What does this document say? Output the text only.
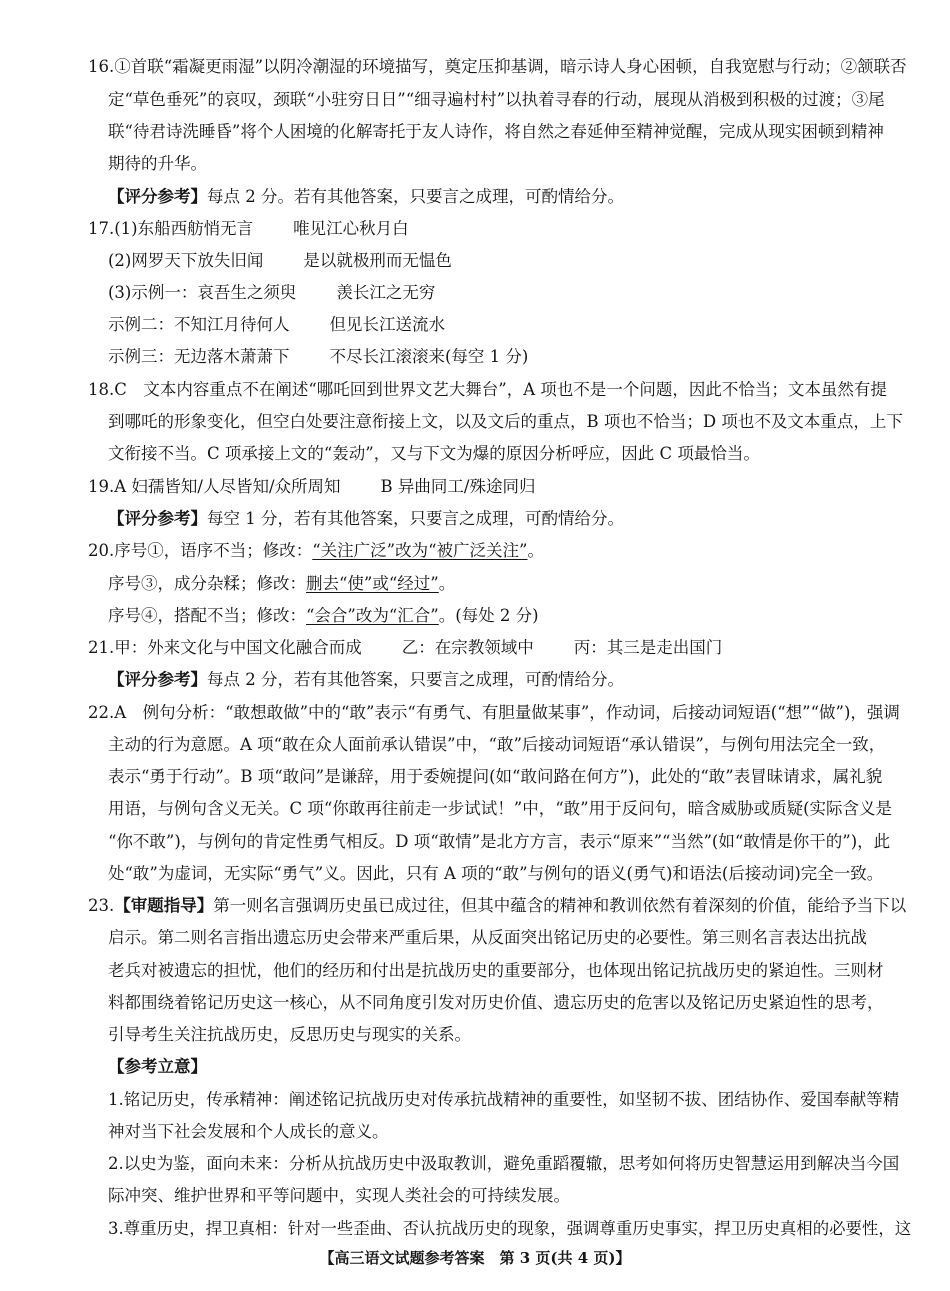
16.①首联“霜凝更雨湿”以阴冷潮湿的环境描写，奠定压抑基调，暗示诗人身心困顿，自我宽慰与行动；②颔联否
定“草色垂死”的哀叹，颈联“小驻穷日日”“细寻遍村村”以执着寻春的行动，展现从消极到积极的过渡；③尾
联“待君诗洗睡昏”将个人困境的化解寄托于友人诗作，将自然之春延伸至精神觉醒，完成从现实困顿到精神
期待的升华。
【评分参考】每点 2 分。若有其他答案，只要言之成理，可酌情给分。
17.(1)东船西舫悄无言 唯见江心秋月白
(2)网罗天下放失旧闻 是以就极刑而无愠色
(3)示例一：哀吾生之须臾 羡长江之无穷
示例二：不知江月待何人 但见长江送流水
示例三：无边落木萧萧下 不尽长江滚滚来(每空 1 分)
18.C　文本内容重点不在阐述“哪吒回到世界文艺大舞台”，A 项也不是一个问题，因此不恰当；文本虽然有提
到哪吒的形象变化，但空白处要注意衔接上文，以及文后的重点，B 项也不恰当；D 项也不及文本重点，上下
文衔接不当。C 项承接上文的“轰动”，又与下文为爆的原因分析呼应，因此 C 项最恰当。
19.A 妇孺皆知/人尽皆知/众所周知 B 异曲同工/殊途同归
【评分参考】每空 1 分，若有其他答案，只要言之成理，可酌情给分。
20.序号①，语序不当；修改：“关注广泛”改为“被广泛关注”。
序号③，成分杂糅；修改：删去“使”或“经过”。
序号④，搭配不当；修改：“会合”改为“汇合”。(每处 2 分)
21.甲：外来文化与中国文化融合而成 乙：在宗教领域中 丙：其三是走出国门
【评分参考】每点 2 分，若有其他答案，只要言之成理，可酌情给分。
22.A　例句分析：“敢想敢做”中的“敢”表示“有勇气、有胆量做某事”，作动词，后接动词短语(“想”“做”)，强调
主动的行为意愿。A 项“敢在众人面前承认错误”中，“敢”后接动词短语“承认错误”，与例句用法完全一致，
表示“勇于行动”。B 项“敢问”是谦辞，用于委婉提问(如“敢问路在何方”)，此处的“敢”表冒昧请求，属礼貌
用语，与例句含义无关。C 项“你敢再往前走一步试试！”中，“敢”用于反问句，暗含威胁或质疑(实际含义是
“你不敢”)，与例句的肯定性勇气相反。D 项“敢情”是北方方言，表示“原来”“当然”(如“敢情是你干的”)，此
处“敢”为虚词，无实际“勇气”义。因此，只有 A 项的“敢”与例句的语义(勇气)和语法(后接动词)完全一致。
23.【审题指导】第一则名言强调历史虽已成过往，但其中蕴含的精神和教训依然有着深刻的价值，能给予当下以
启示。第二则名言指出遗忘历史会带来严重后果，从反面突出铭记历史的必要性。第三则名言表达出抗战
老兵对被遗忘的担忧，他们的经历和付出是抗战历史的重要部分，也体现出铭记抗战历史的紧迫性。三则材
料都围绕着铭记历史这一核心，从不同角度引发对历史价值、遗忘历史的危害以及铭记历史紧迫性的思考，
引导考生关注抗战历史，反思历史与现实的关系。
【参考立意】
1.铭记历史，传承精神：阐述铭记抗战历史对传承抗战精神的重要性，如坚韧不拔、团结协作、爱国奉献等精
神对当下社会发展和个人成长的意义。
2.以史为鉴，面向未来：分析从抗战历史中汲取教训，避免重蹈覆辙，思考如何将历史智慧运用到解决当今国
际冲突、维护世界和平等问题中，实现人类社会的可持续发展。
3.尊重历史，捍卫真相：针对一些歪曲、否认抗战历史的现象，强调尊重历史事实，捍卫历史真相的必要性，这
【高三语文试题参考答案　第 3 页(共 4 页)】
